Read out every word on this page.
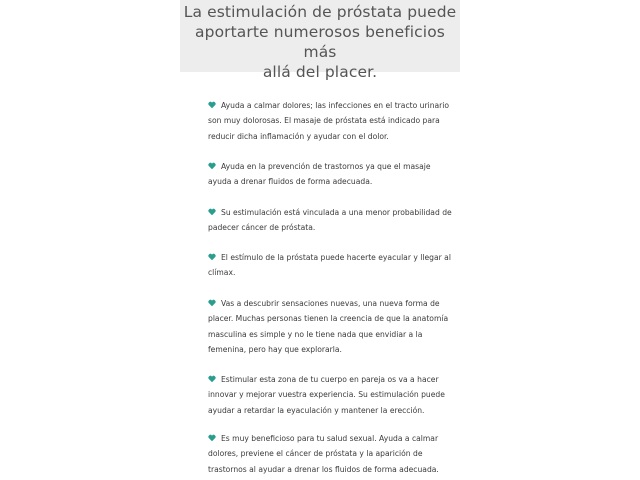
La estimulación de próstata puede
aportarte numerosos beneficios más
allá del placer.
Ayuda a calmar dolores; las infecciones en el tracto urinario son muy dolorosas. El masaje de próstata está indicado para reducir dicha inflamación y ayudar con el dolor.
Ayuda en la prevención de trastornos ya que el masaje ayuda a drenar fluidos de forma adecuada.
Su estimulación está vinculada a una menor probabilidad de padecer cáncer de próstata.
El estímulo de la próstata puede hacerte eyacular y llegar al clímax.
Vas a descubrir sensaciones nuevas, una nueva forma de placer. Muchas personas tienen la creencia de que la anatomía masculina es simple y no le tiene nada que envidiar a la femenina, pero hay que explorarla.
Estimular esta zona de tu cuerpo en pareja os va a hacer innovar y mejorar vuestra experiencia. Su estimulación puede ayudar a retardar la eyaculación y mantener la erección.
Es muy beneficioso para tu salud sexual. Ayuda a calmar dolores, previene el cáncer de próstata y la aparición de trastornos al ayudar a drenar los fluidos de forma adecuada.
